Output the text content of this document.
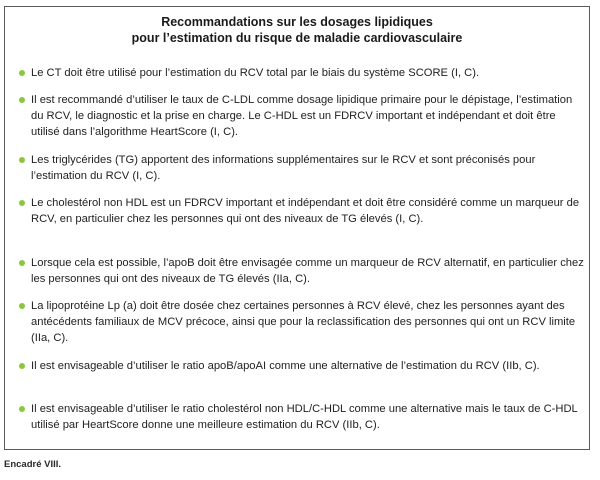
Recommandations sur les dosages lipidiques
pour l’estimation du risque de maladie cardiovasculaire
Le CT doit être utilisé pour l’estimation du RCV total par le biais du système SCORE (I, C).
Il est recommandé d’utiliser le taux de C-LDL comme dosage lipidique primaire pour le dépistage, l’estimation du RCV, le diagnostic et la prise en charge. Le C-HDL est un FDRCV important et indépendant et doit être utilisé dans l’algorithme HeartScore (I, C).
Les triglycérides (TG) apportent des informations supplémentaires sur le RCV et sont préconisés pour l’estimation du RCV (I, C).
Le cholestérol non HDL est un FDRCV important et indépendant et doit être considéré comme un marqueur de RCV, en particulier chez les personnes qui ont des niveaux de TG élevés (I, C).
Lorsque cela est possible, l’apoB doit être envisagée comme un marqueur de RCV alternatif, en particulier chez les personnes qui ont des niveaux de TG élevés (IIa, C).
La lipoprotéine Lp (a) doit être dosée chez certaines personnes à RCV élevé, chez les personnes ayant des antécédents familiaux de MCV précoce, ainsi que pour la reclassification des personnes qui ont un RCV limite (IIa, C).
Il est envisageable d’utiliser le ratio apoB/apoAI comme une alternative de l’estimation du RCV (IIb, C).
Il est envisageable d’utiliser le ratio cholestérol non HDL/C-HDL comme une alternative mais le taux de C-HDL utilisé par HeartScore donne une meilleure estimation du RCV (IIb, C).
Encadré VIII.
